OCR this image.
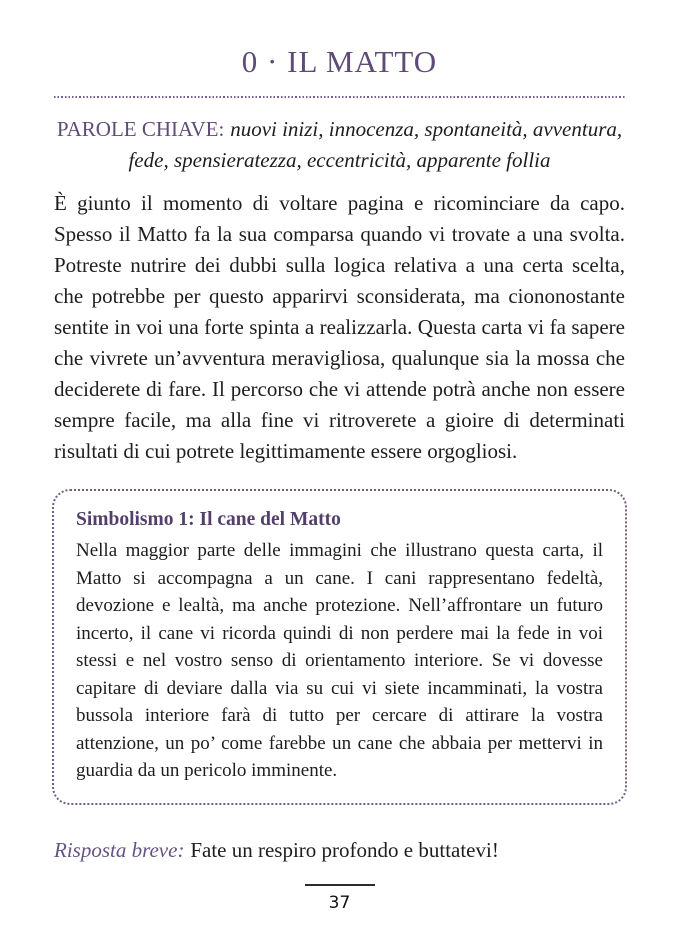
0 · IL MATTO

PAROLE CHIAVE: nuovi inizi, innocenza, spontaneità, avventura, fede, spensieratezza, eccentricità, apparente follia

È giunto il momento di voltare pagina e ricominciare da capo. Spesso il Matto fa la sua comparsa quando vi trovate a una svolta. Potreste nutrire dei dubbi sulla logica relativa a una certa scelta, che potrebbe per questo apparirvi sconsiderata, ma ciononostante sentite in voi una forte spinta a realizzarla. Questa carta vi fa sapere che vivrete un’avventura meravigliosa, qualunque sia la mossa che deciderete di fare. Il percorso che vi attende potrà anche non essere sempre facile, ma alla fine vi ritroverete a gioire di determinati risultati di cui potrete legittimamente essere orgogliosi.

Simbolismo 1: Il cane del Matto

Nella maggior parte delle immagini che illustrano questa carta, il Matto si accompagna a un cane. I cani rappresentano fedeltà, devozione e lealtà, ma anche protezione. Nell’affrontare un futuro incerto, il cane vi ricorda quindi di non perdere mai la fede in voi stessi e nel vostro senso di orientamento interiore. Se vi dovesse capitare di deviare dalla via su cui vi siete incamminati, la vostra bussola interiore farà di tutto per cercare di attirare la vostra attenzione, un po’ come farebbe un cane che abbaia per mettervi in guardia da un pericolo imminente.

Risposta breve: Fate un respiro profondo e buttatevi!

37
